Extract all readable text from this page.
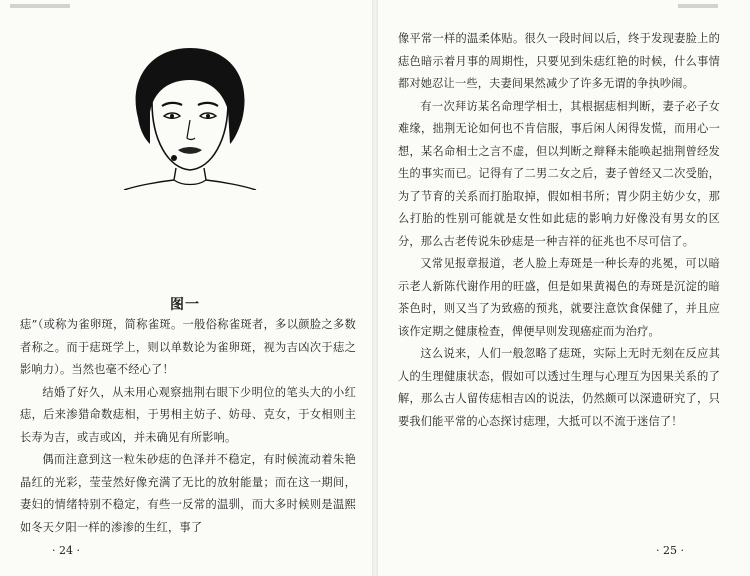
图一

痣”（或称为雀卵斑，简称雀斑。一般俗称雀斑者，多以颜脸之多数者称之。而于痣斑学上，则以单数论为雀卵斑，视为吉凶次于痣之影响力）。当然也毫不经心了！

结婚了好久，从未用心观察拙荆右眼下少明位的笔头大的小红痣，后来渗猎命数痣相，于男相主妨子、妨母、克女，于女相则主长寿为吉，或吉或凶，并未确见有所影响。

偶而注意到这一粒朱砂痣的色泽并不稳定，有时候流动着朱艳晶红的光彩，莹莹然好像充满了无比的放射能量；而在这一期间，妻妇的情绪特别不稳定，有些一反常的温驯，而大多时候则是温熙如冬天夕阳一样的渗渗的生红，事了

· 24 ·

像平常一样的温柔体贴。很久一段时间以后，终于发现妻脸上的痣色暗示着月事的周期性，只要见到朱痣红艳的时候，什么事情都对她忍让一些，夫妻间果然减少了许多无谓的争执吵闹。

有一次拜访某名命理学相士，其根据痣相判断，妻子必子女难缘，拙荆无论如何也不肯信服，事后闲人闲得发慌，而用心一想，某名命相士之言不虚，但以判断之辩释未能唤起拙荆曾经发生的事实而已。记得有了二男二女之后，妻子曾经又二次受胎，为了节育的关系而打胎取掉，假如相书所；胃少阴主妨少女，那么打胎的性别可能就是女性如此痣的影响力好像没有男女的区分，那么古老传说朱砂痣是一种吉祥的征兆也不尽可信了。

又常见报章报道，老人脸上寿斑是一种长寿的兆冕，可以暗示老人新陈代谢作用的旺盛，但是如果黄褐色的寿斑是沉淀的暗茶色时，则又当了为致癌的预兆，就要注意饮食保健了，并且应该作定期之健康检查，俾便早则发现癌症而为治疗。

这么说来，人们一般忽略了痣斑，实际上无时无刻在反应其人的生理健康状态，假如可以透过生理与心理互为因果关系的了解，那么古人留传痣相吉凶的说法，仍然颇可以深遗研究了，只要我们能平常的心态探讨痣理，大抵可以不流于迷信了！

· 25 ·
